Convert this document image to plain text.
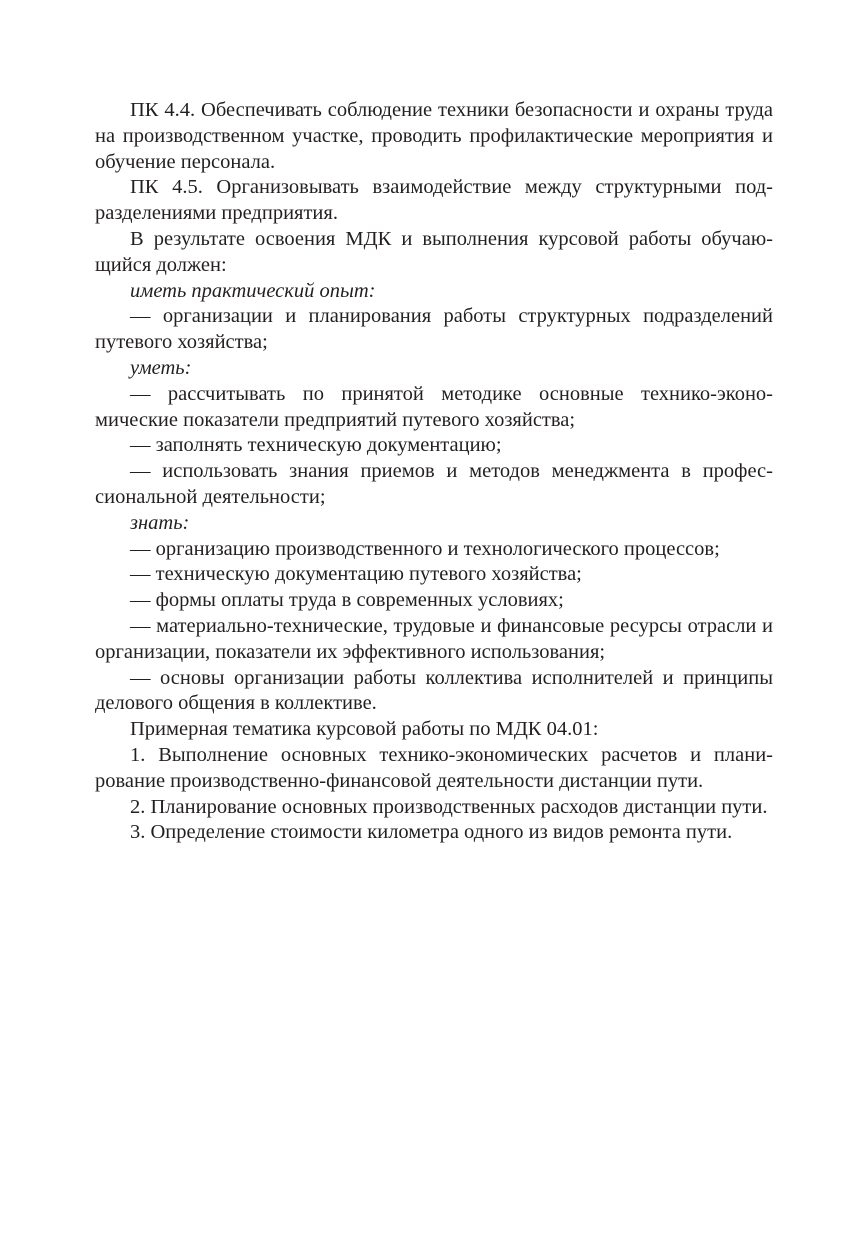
ПК 4.4. Обеспечивать соблюдение техники безопасности и охраны труда на производственном участке, проводить профилактические мероприятия и обучение персонала.

ПК 4.5. Организовывать взаимодействие между структурными подразделениями предприятия.

В результате освоения МДК и выполнения курсовой работы обучающийся должен:

иметь практический опыт:

— организации и планирования работы структурных подразделений путевого хозяйства;

уметь:

— рассчитывать по принятой методике основные технико-экономические показатели предприятий путевого хозяйства;

— заполнять техническую документацию;

— использовать знания приемов и методов менеджмента в профессиональной деятельности;

знать:

— организацию производственного и технологического процессов;

— техническую документацию путевого хозяйства;

— формы оплаты труда в современных условиях;

— материально-технические, трудовые и финансовые ресурсы отрасли и организации, показатели их эффективного использования;

— основы организации работы коллектива исполнителей и принципы делового общения в коллективе.

Примерная тематика курсовой работы по МДК 04.01:

1. Выполнение основных технико-экономических расчетов и планирование производственно-финансовой деятельности дистанции пути.

2. Планирование основных производственных расходов дистанции пути.

3. Определение стоимости километра одного из видов ремонта пути.
